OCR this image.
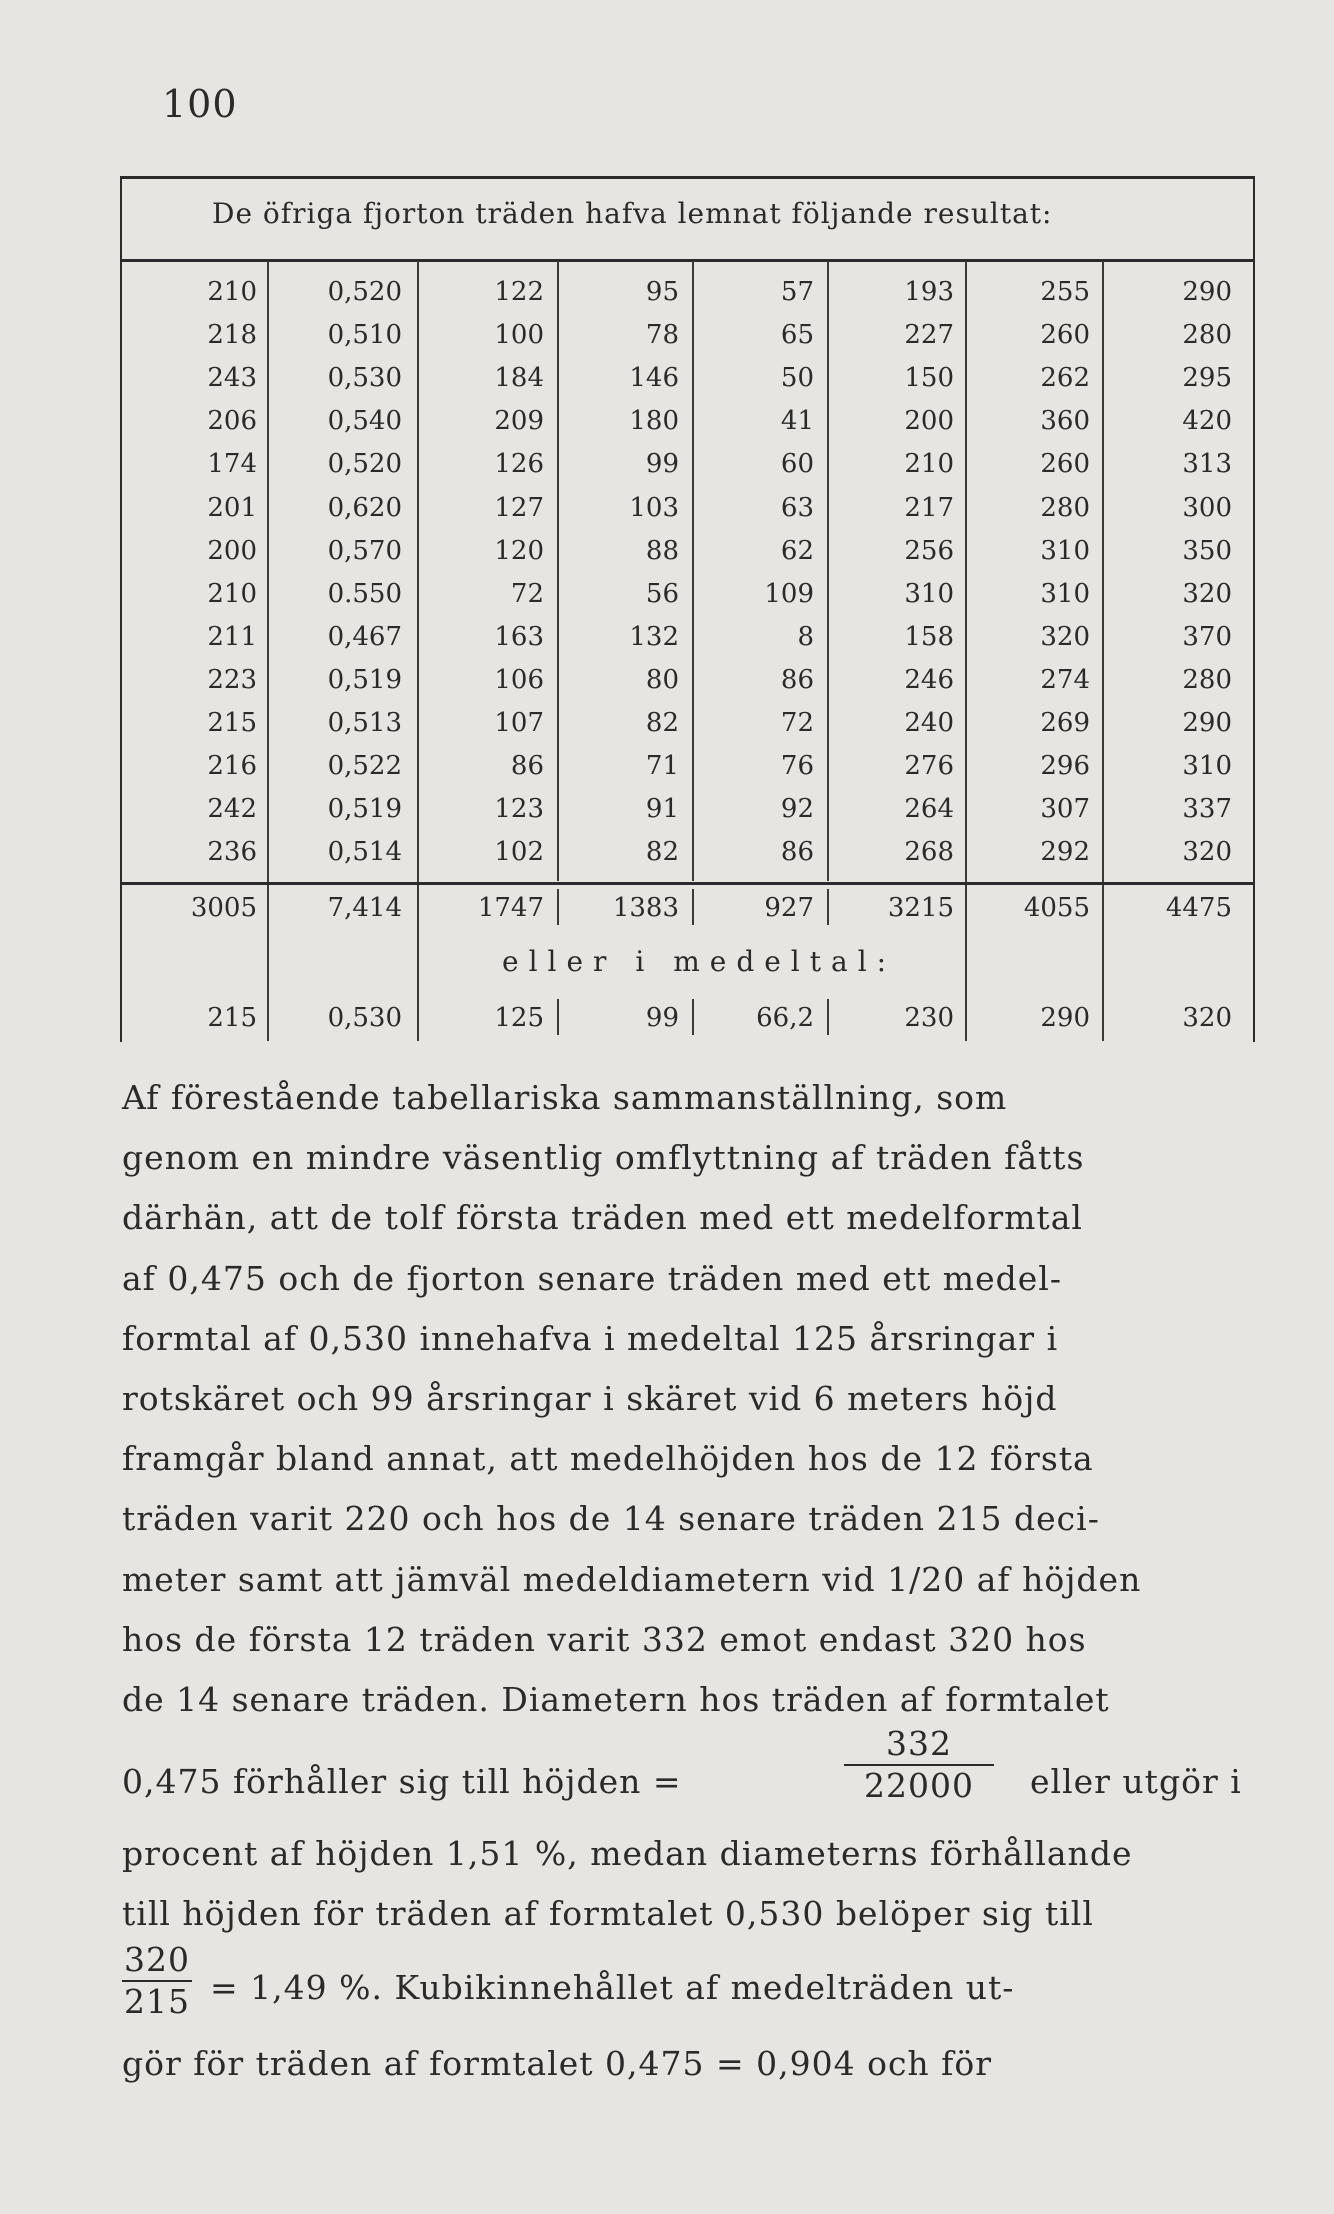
100
De öfriga fjorton träden hafva lemnat följande resultat:
210	0,520	122	95	57	193	255	290
218	0,510	100	78	65	227	260	280
243	0,530	184	146	50	150	262	295
206	0,540	209	180	41	200	360	420
174	0,520	126	99	60	210	260	313
201	0,620	127	103	63	217	280	300
200	0,570	120	88	62	256	310	350
210	0.550	72	56	109	310	310	320
211	0,467	163	132	8	158	320	370
223	0,519	106	80	86	246	274	280
215	0,513	107	82	72	240	269	290
216	0,522	86	71	76	276	296	310
242	0,519	123	91	92	264	307	337
236	0,514	102	82	86	268	292	320
3005	7,414	1747	1383	927	3215	4055	4475
215	0,530	125	99	66,2	230	290	320
eller i medeltal:
Af förestående tabellariska sammanställning, som
genom en mindre väsentlig omflyttning af träden fåtts
därhän, att de tolf första träden med ett medelformtal
af 0,475 och de fjorton senare träden med ett medel-
formtal af 0,530 innehafva i medeltal 125 årsringar i
rotskäret och 99 årsringar i skäret vid 6 meters höjd
framgår bland annat, att medelhöjden hos de 12 första
träden varit 220 och hos de 14 senare träden 215 deci-
meter samt att jämväl medeldiametern vid 1/20 af höjden
hos de första 12 träden varit 332 emot endast 320 hos
de 14 senare träden. Diametern hos träden af formtalet
0,475 förhåller sig till höjden =	$\frac{332}{22000}$ eller utgör i
procent af höjden 1,51 %, medan diameterns förhållande
till höjden för träden af formtalet 0,530 belöper sig till
$\frac{320}{215} = 1,49$ %. Kubikinnehållet af medelträden ut-
gör för träden af formtalet 0,475 = 0,904 och för
